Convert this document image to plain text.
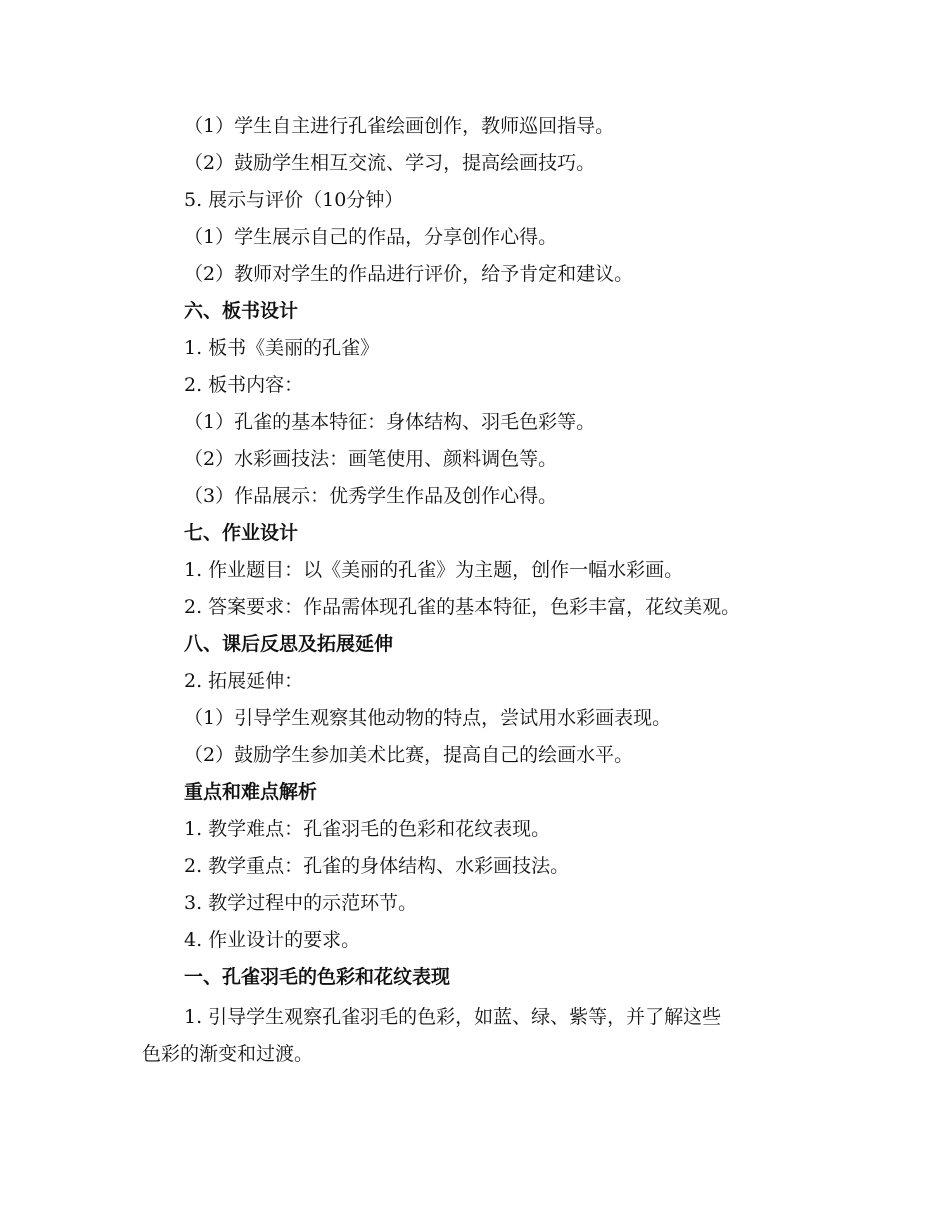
（1）学生自主进行孔雀绘画创作，教师巡回指导。
（2）鼓励学生相互交流、学习，提高绘画技巧。
5. 展示与评价（10分钟）
（1）学生展示自己的作品，分享创作心得。
（2）教师对学生的作品进行评价，给予肯定和建议。
六、板书设计
1. 板书《美丽的孔雀》
2. 板书内容：
（1）孔雀的基本特征：身体结构、羽毛色彩等。
（2）水彩画技法：画笔使用、颜料调色等。
（3）作品展示：优秀学生作品及创作心得。
七、作业设计
1. 作业题目：以《美丽的孔雀》为主题，创作一幅水彩画。
2. 答案要求：作品需体现孔雀的基本特征，色彩丰富，花纹美观。
八、课后反思及拓展延伸
2. 拓展延伸：
（1）引导学生观察其他动物的特点，尝试用水彩画表现。
（2）鼓励学生参加美术比赛，提高自己的绘画水平。
重点和难点解析
1. 教学难点：孔雀羽毛的色彩和花纹表现。
2. 教学重点：孔雀的身体结构、水彩画技法。
3. 教学过程中的示范环节。
4. 作业设计的要求。
一、孔雀羽毛的色彩和花纹表现
1. 引导学生观察孔雀羽毛的色彩，如蓝、绿、紫等，并了解这些
色彩的渐变和过渡。
